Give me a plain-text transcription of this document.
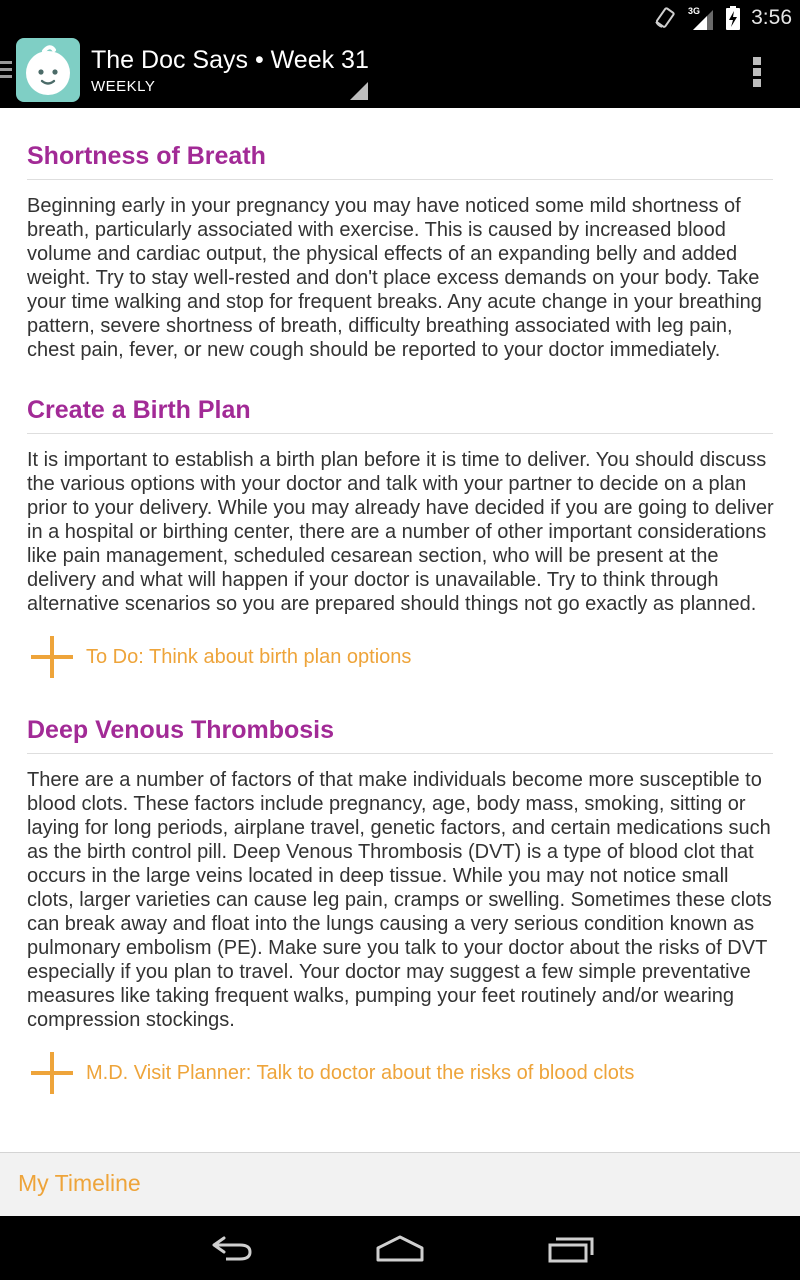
3G 3:56
The Doc Says • Week 31
WEEKLY
Shortness of Breath

Beginning early in your pregnancy you may have noticed some mild shortness of breath, particularly associated with exercise. This is caused by increased blood volume and cardiac output, the physical effects of an expanding belly and added weight. Try to stay well-rested and don't place excess demands on your body. Take your time walking and stop for frequent breaks. Any acute change in your breathing pattern, severe shortness of breath, difficulty breathing associated with leg pain, chest pain, fever, or new cough should be reported to your doctor immediately.

Create a Birth Plan

It is important to establish a birth plan before it is time to deliver. You should discuss the various options with your doctor and talk with your partner to decide on a plan prior to your delivery. While you may already have decided if you are going to deliver in a hospital or birthing center, there are a number of other important considerations like pain management, scheduled cesarean section, who will be present at the delivery and what will happen if your doctor is unavailable. Try to think through alternative scenarios so you are prepared should things not go exactly as planned.

To Do: Think about birth plan options
Deep Venous Thrombosis

There are a number of factors of that make individuals become more susceptible to blood clots. These factors include pregnancy, age, body mass, smoking, sitting or laying for long periods, airplane travel, genetic factors, and certain medications such as the birth control pill. Deep Venous Thrombosis (DVT) is a type of blood clot that occurs in the large veins located in deep tissue. While you may not notice small clots, larger varieties can cause leg pain, cramps or swelling. Sometimes these clots can break away and float into the lungs causing a very serious condition known as pulmonary embolism (PE). Make sure you talk to your doctor about the risks of DVT especially if you plan to travel. Your doctor may suggest a few simple preventative measures like taking frequent walks, pumping your feet routinely and/or wearing compression stockings.

M.D. Visit Planner: Talk to doctor about the risks of blood clots
My Timeline
